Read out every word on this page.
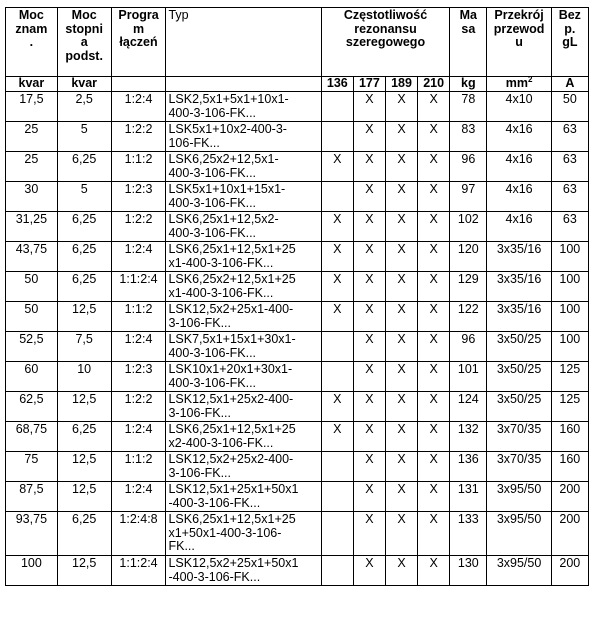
Moc
znam
.	Moc
stopni
a
podst.	Progra
m
łączeń	Typ	Częstotliwość
rezonansu
szeregowego				Ma
sa	Przekrój
przewod
u	Bez
p.
gL
kvar	kvar			136	177	189	210	kg	$mm^2$	A
17,5	2,5	1:2:4	LSK2,5x1+5x1+10x1-
400-3-106-FK...		X	X	X	78	4x10	50
25	5	1:2:2	LSK5x1+10x2-400-3-
106-FK...		X	X	X	83	4x16	63
25	6,25	1:1:2	LSK6,25x2+12,5x1-
400-3-106-FK...	X	X	X	X	96	4x16	63
30	5	1:2:3	LSK5x1+10x1+15x1-
400-3-106-FK...		X	X	X	97	4x16	63
31,25	6,25	1:2:2	LSK6,25x1+12,5x2-
400-3-106-FK...	X	X	X	X	102	4x16	63
43,75	6,25	1:2:4	LSK6,25x1+12,5x1+25
x1-400-3-106-FK...	X	X	X	X	120	3x35/16	100
50	6,25	1:1:2:4	LSK6,25x2+12,5x1+25
x1-400-3-106-FK...	X	X	X	X	129	3x35/16	100
50	12,5	1:1:2	LSK12,5x2+25x1-400-
3-106-FK...	X	X	X	X	122	3x35/16	100
52,5	7,5	1:2:4	LSK7,5x1+15x1+30x1-
400-3-106-FK...		X	X	X	96	3x50/25	100
60	10	1:2:3	LSK10x1+20x1+30x1-
400-3-106-FK...		X	X	X	101	3x50/25	125
62,5	12,5	1:2:2	LSK12,5x1+25x2-400-
3-106-FK...	X	X	X	X	124	3x50/25	125
68,75	6,25	1:2:4	LSK6,25x1+12,5x1+25
x2-400-3-106-FK...	X	X	X	X	132	3x70/35	160
75	12,5	1:1:2	LSK12,5x2+25x2-400-
3-106-FK...		X	X	X	136	3x70/35	160
87,5	12,5	1:2:4	LSK12,5x1+25x1+50x1
-400-3-106-FK...		X	X	X	131	3x95/50	200
93,75	6,25	1:2:4:8	LSK6,25x1+12,5x1+25
x1+50x1-400-3-106-
FK...		X	X	X	133	3x95/50	200
100	12,5	1:1:2:4	LSK12,5x2+25x1+50x1
-400-3-106-FK...		X	X	X	130	3x95/50	200
